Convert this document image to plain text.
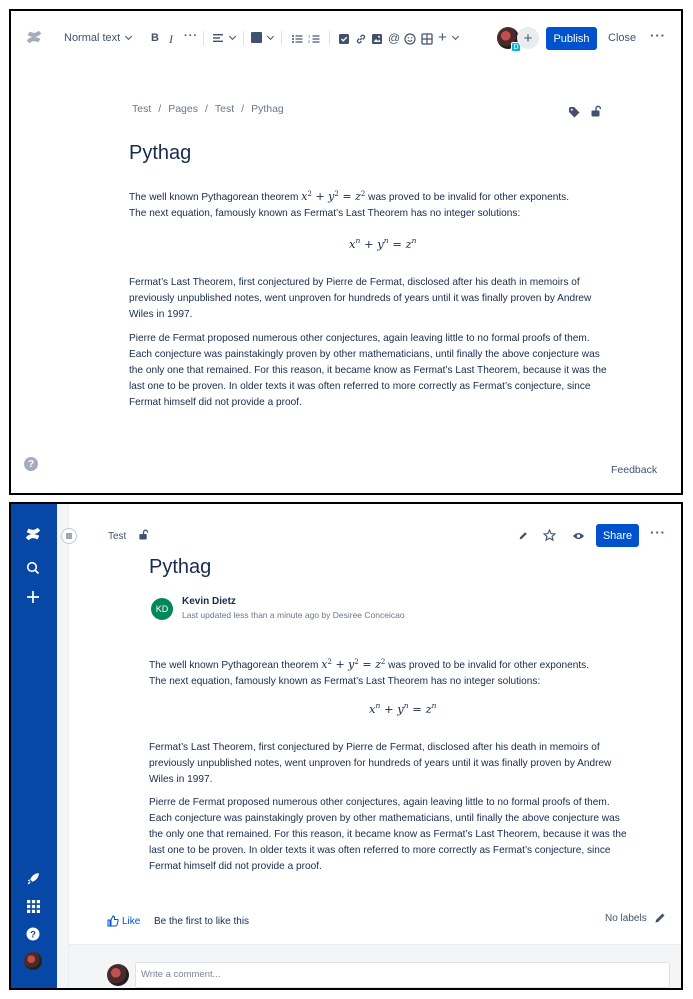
Normal text	B I ···	1
2	@	+
D
+	Publish	Close ···
Test / Pages / Test / Pythag
Pythag
The well known Pythagorean theorem $x^2 + y^2 = z^2$ was proved to be invalid for other exponents.
The next equation, famously known as Fermat’s Last Theorem has no integer solutions:
$x^n + y^n = z^n$
Fermat’s Last Theorem, first conjectured by Pierre de Fermat, disclosed after his death in memoirs of previously unpublished notes, went unproven for hundreds of years until it was finally proven by Andrew Wiles in 1997.
Pierre de Fermat proposed numerous other conjectures, again leaving little to no formal proofs of them. Each conjecture was painstakingly proven by other mathematicians, until finally the above conjecture was the only one that remained. For this reason, it became know as Fermat’s Last Theorem, because it was the last one to be proven. In older texts it was often referred to more correctly as Fermat’s conjecture, since Fermat himself did not provide a proof.
?	Feedback
?
Test	Share	···
Pythag
KD
Kevin Dietz
Last updated less than a minute ago by Desiree Conceicao
The well known Pythagorean theorem $x^2 + y^2 = z^2$ was proved to be invalid for other exponents.
The next equation, famously known as Fermat’s Last Theorem has no integer solutions:
$x^n + y^n = z^n$
Fermat’s Last Theorem, first conjectured by Pierre de Fermat, disclosed after his death in memoirs of previously unpublished notes, went unproven for hundreds of years until it was finally proven by Andrew Wiles in 1997.
Pierre de Fermat proposed numerous other conjectures, again leaving little to no formal proofs of them. Each conjecture was painstakingly proven by other mathematicians, until finally the above conjecture was the only one that remained. For this reason, it became know as Fermat’s Last Theorem, because it was the last one to be proven. In older texts it was often referred to more correctly as Fermat’s conjecture, since Fermat himself did not provide a proof.
Like Be the first to like this	No labels
Write a comment...
